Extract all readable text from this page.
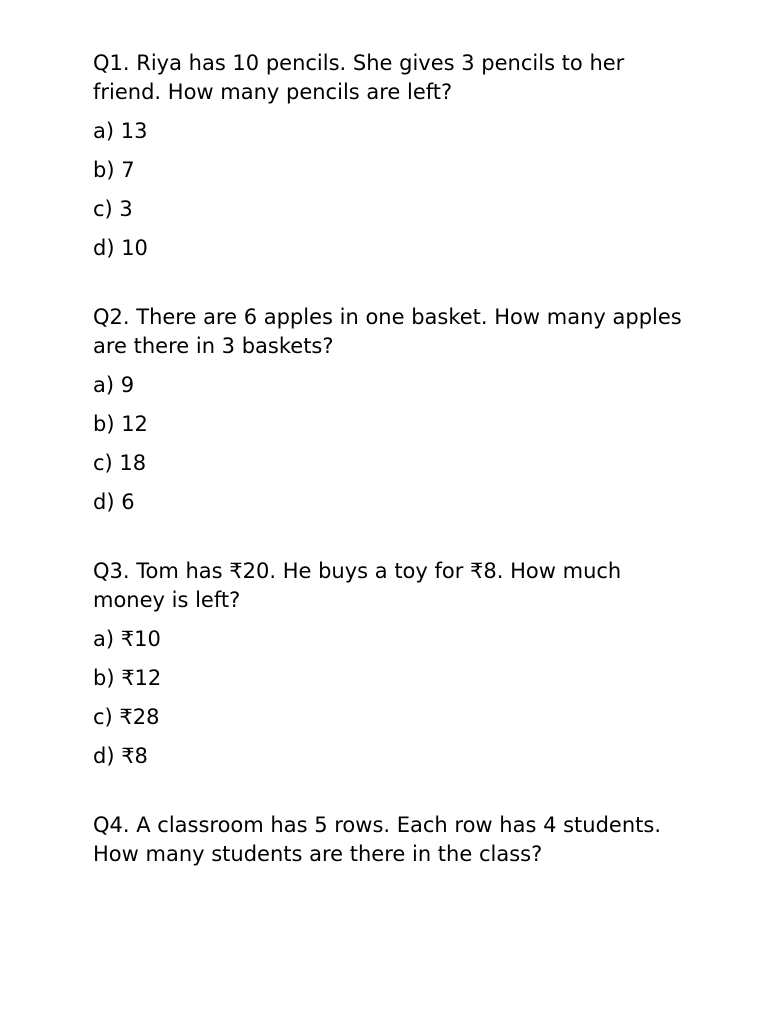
Q1. Riya has 10 pencils. She gives 3 pencils to her friend. How many pencils are left?

a) 13
b) 7
c) 3
d) 10

Q2. There are 6 apples in one basket. How many apples are there in 3 baskets?

a) 9
b) 12
c) 18
d) 6

Q3. Tom has ₹20. He buys a toy for ₹8. How much money is left?

a) ₹10
b) ₹12
c) ₹28
d) ₹8

Q4. A classroom has 5 rows. Each row has 4 students. How many students are there in the class?
